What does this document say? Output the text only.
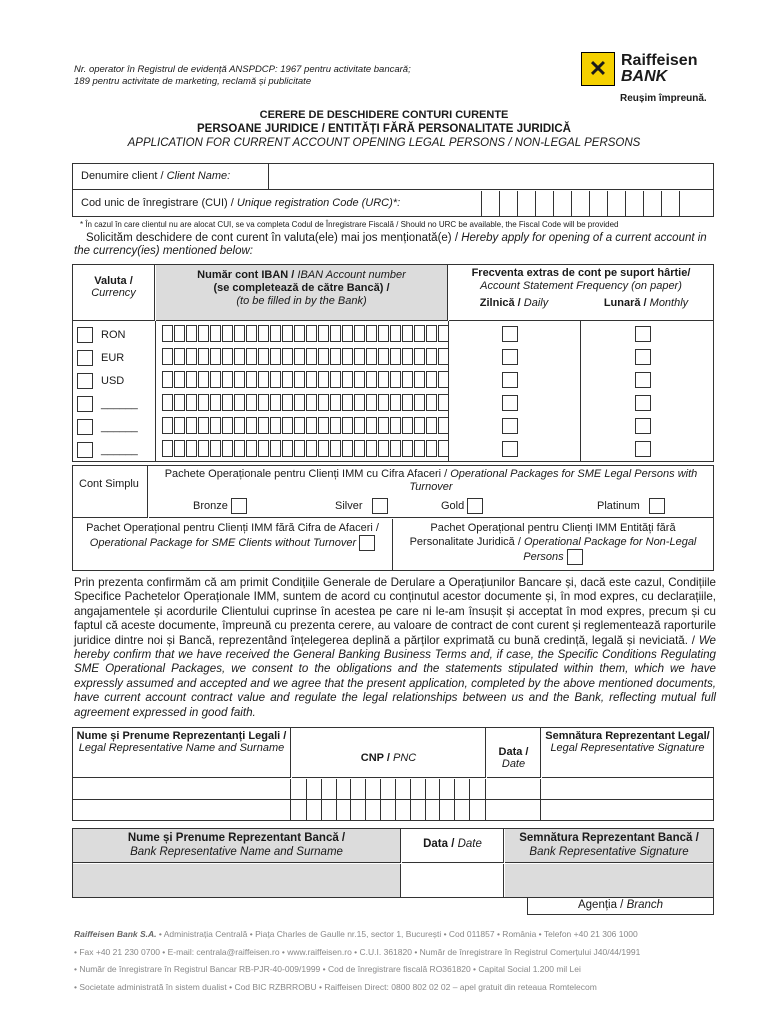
Nr. operator în Registrul de evidență ANSPDCP: 1967 pentru activitate bancară;
189 pentru activitate de marketing, reclamă și publicitate
✕ Raiffeisen
BANK
Reușim împreună.
CERERE DE DESCHIDERE CONTURI CURENTE
PERSOANE JURIDICE / ENTITĂȚI FĂRĂ PERSONALITATE JURIDICĂ
APPLICATION FOR CURRENT ACCOUNT OPENING LEGAL PERSONS / NON-LEGAL PERSONS
Denumire client / Client Name:
Cod unic de înregistrare (CUI) / Unique registration Code (URC)*:
* În cazul în care clientul nu are alocat CUI, se va completa Codul de Înregistrare Fiscală / Should no URC be available, the Fiscal Code will be provided
Solicităm deschidere de cont curent în valuta(ele) mai jos menționată(e) / Hereby apply for opening of a current account in the currency(ies) mentioned below:
Valuta /
Currency
Număr cont IBAN / IBAN Account number
(se completează de către Bancă) /
(to be filled in by the Bank)
Frecventa extras de cont pe suport hârtie/
Account Statement Frequency (on paper)
Zilnică / Daily	Lunară / Monthly
RON
EUR
USD
______
______
______
Cont Simplu
Pachete Operaționale pentru Clienți IMM cu Cifra Afaceri / Operational Packages for SME Legal Persons with Turnover
Bronze	Silver	Gold	Platinum
Pachet Operațional pentru Clienți IMM fără Cifra de Afaceri / Operational Package for SME Clients without Turnover
Pachet Operațional pentru Clienți IMM Entități fără Personalitate Juridică / Operational Package for Non-Legal Persons
Prin prezenta confirmăm că am primit Condițiile Generale de Derulare a Operațiunilor Bancare și, dacă este cazul, Condițiile Specifice Pachetelor Operaționale IMM, suntem de acord cu conținutul acestor documente și, în mod expres, cu declarațiile, angajamentele și acordurile Clientului cuprinse în acestea pe care ni le-am însușit și acceptat în mod expres, precum și cu faptul că aceste documente, împreună cu prezenta cerere, au valoare de contract de cont curent și reglementează raporturile juridice dintre noi și Bancă, reprezentând înțelegerea deplină a părților exprimată cu bună credință, legală și neviciată. / We hereby confirm that we have received the General Banking Business Terms and, if case, the Specific Conditions Regulating SME Operational Packages, we consent to the obligations and the statements stipulated within them, which we have expressly assumed and accepted and we agree that the present application, completed by the above mentioned documents, have current account contract value and regulate the legal relationships between us and the Bank, reflecting mutual full agreement expressed in good faith.
Nume și Prenume Reprezentanți Legali /
Legal Representative Name and Surname
CNP / PNC	Data /
Date
Semnătura Reprezentant Legal/
Legal Representative Signature
Nume și Prenume Reprezentant Bancă /
Bank Representative Name and Surname
Data / Date	Semnătura Reprezentant Bancă /
Bank Representative Signature
Agenția / Branch
Raiffeisen Bank S.A. • Administrația Centrală • Piața Charles de Gaulle nr.15, sector 1, București • Cod 011857 • România • Telefon +40 21 306 1000
• Fax +40 21 230 0700 • E-mail: centrala@raiffeisen.ro • www.raiffeisen.ro • C.U.I. 361820 • Număr de înregistrare în Registrul Comerțului J40/44/1991
• Număr de înregistrare în Registrul Bancar RB-PJR-40-009/1999 • Cod de înregistrare fiscală RO361820 • Capital Social 1.200 mil Lei
• Societate administrată în sistem dualist • Cod BIC RZBRROBU • Raiffeisen Direct: 0800 802 02 02 – apel gratuit din reteaua Romtelecom
